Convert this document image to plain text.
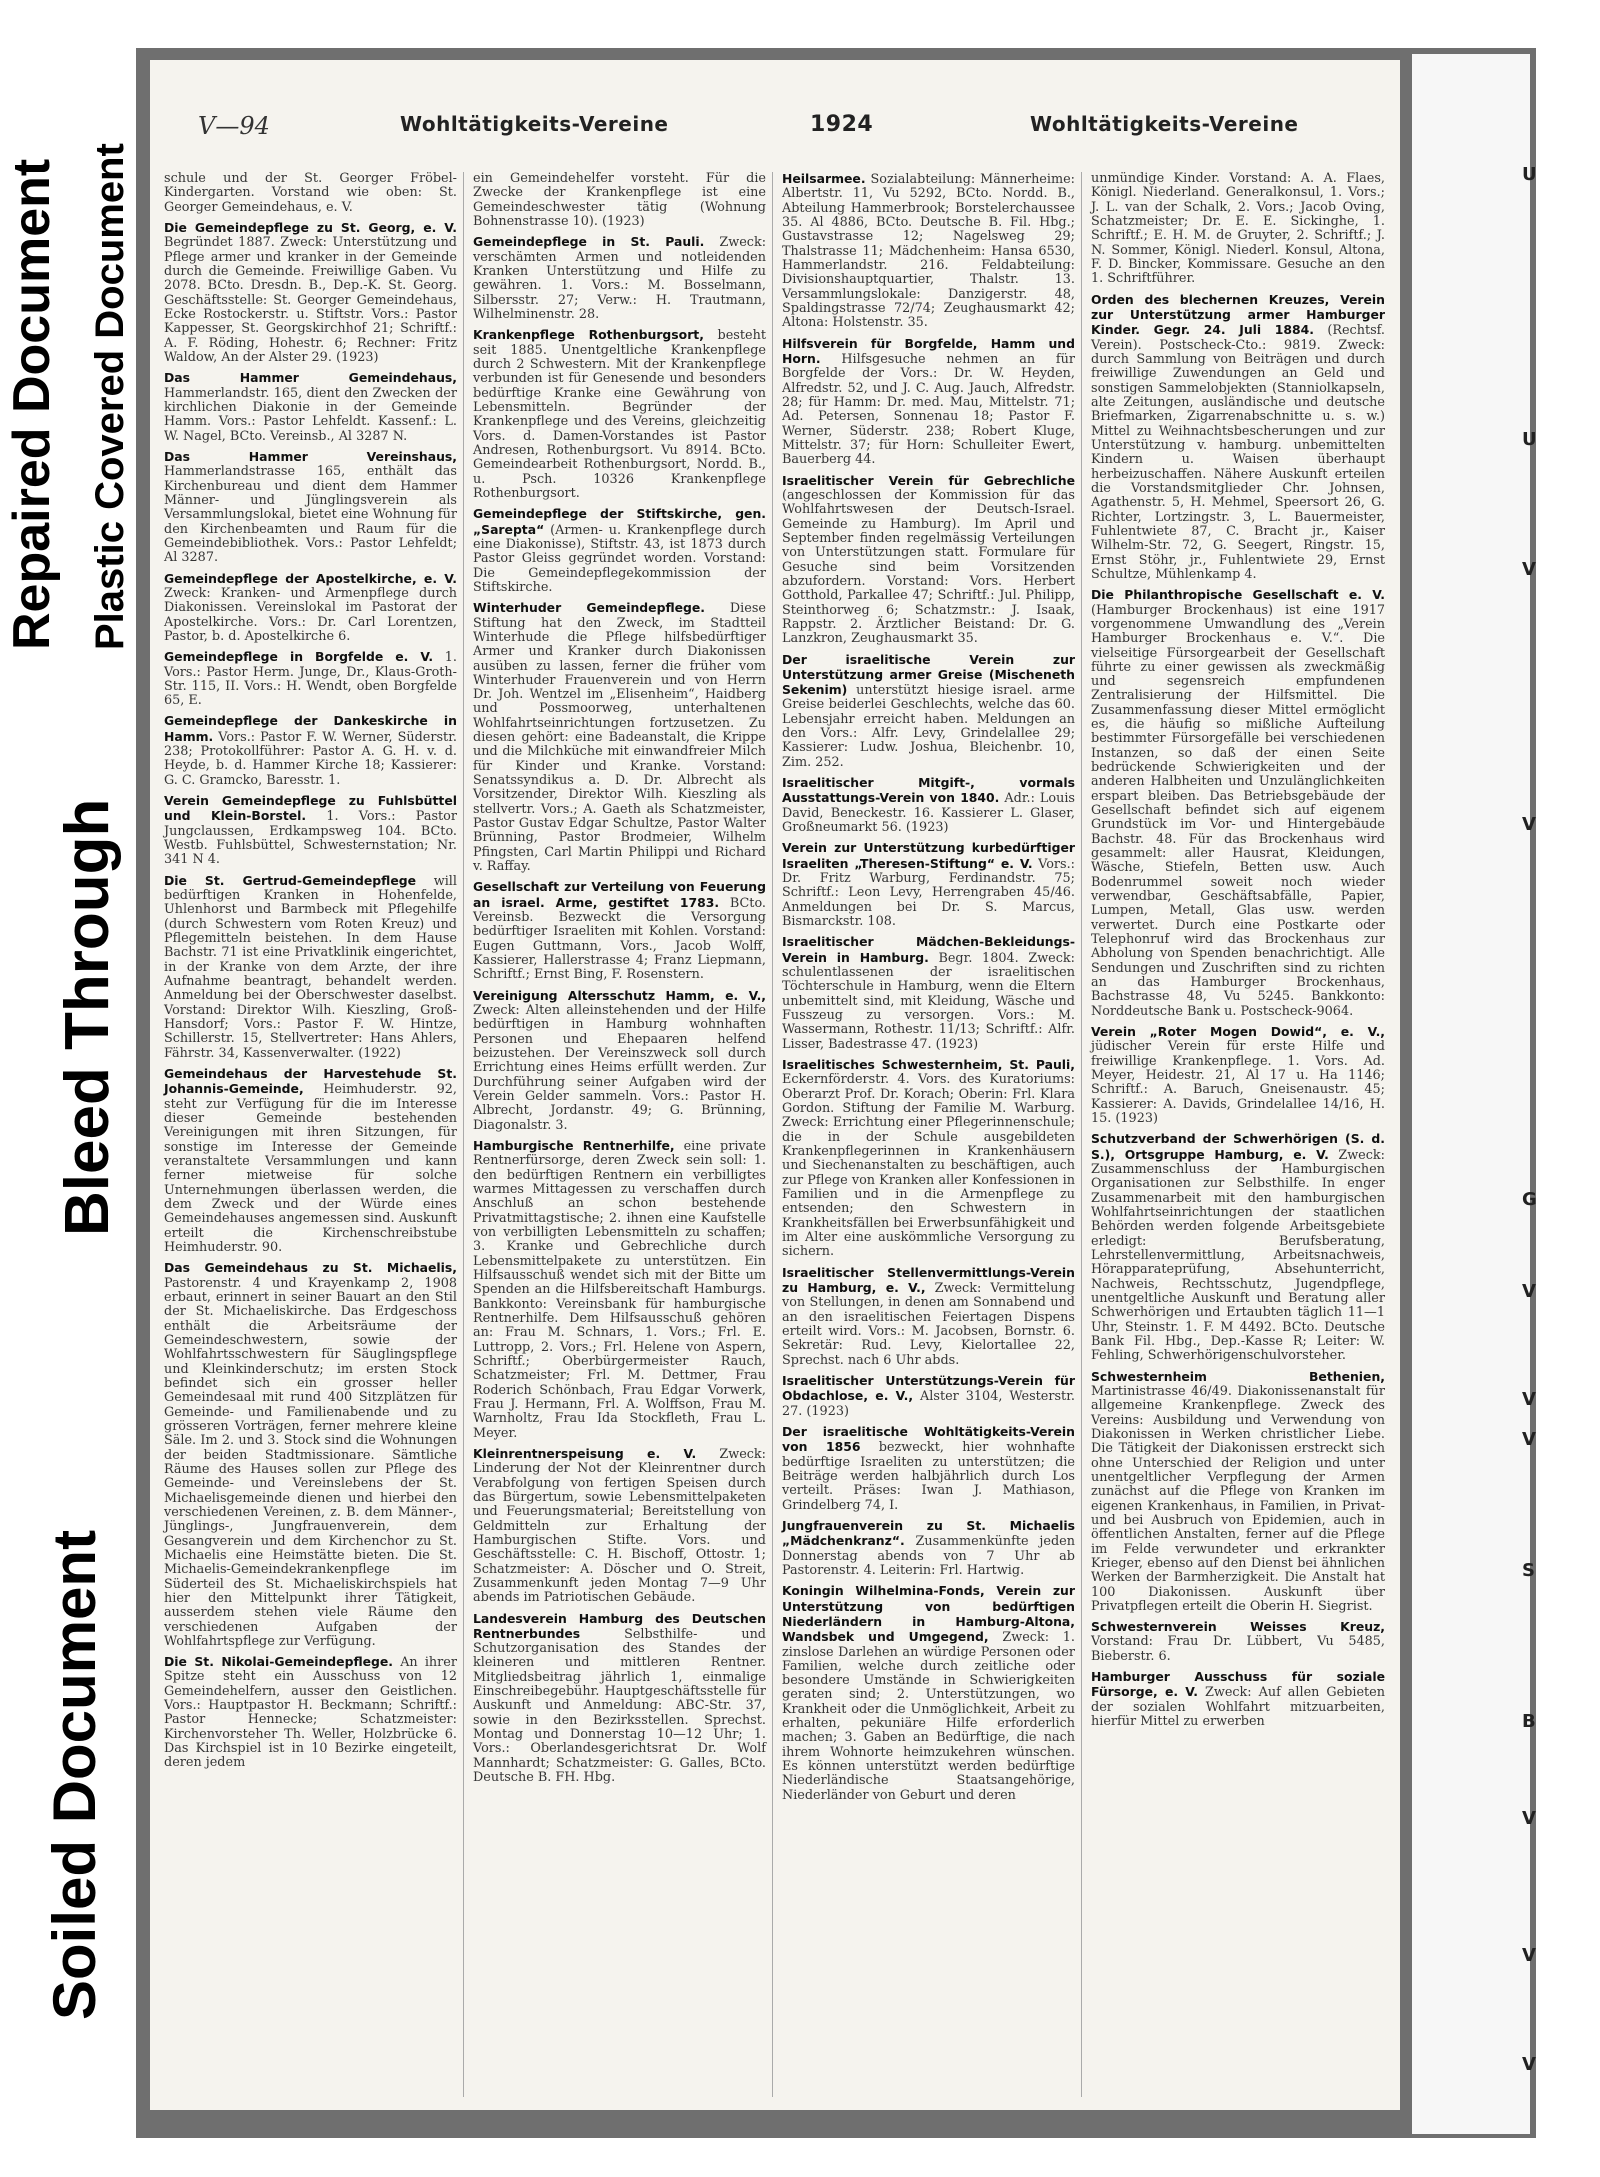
Repaired Document Plastic Covered Document
Bleed Through
Soiled Document
U
U
V
V
G
V
V
V
S
B
V
V
V
V—94	Wohltätigkeits-Vereine	1924	Wohltätigkeits-Vereine

schule und der St. Georger Fröbel-Kindergarten. Vorstand wie oben: St. Georger Gemeindehaus, e. V.

Die Gemeindepflege zu St. Georg, e. V. Begründet 1887. Zweck: Unterstützung und Pflege armer und kranker in der Gemeinde durch die Gemeinde. Freiwillige Gaben. Vu 2078. BCto. Dresdn. B., Dep.-K. St. Georg. Geschäftsstelle: St. Georger Gemeindehaus, Ecke Rostockerstr. u. Stiftstr. Vors.: Pastor Kappesser, St. Georgskirchhof 21; Schriftf.: A. F. Röding, Hohestr. 6; Rechner: Fritz Waldow, An der Alster 29. (1923)

Das Hammer Gemeindehaus, Hammerlandstr. 165, dient den Zwecken der kirchlichen Diakonie in der Gemeinde Hamm. Vors.: Pastor Lehfeldt. Kassenf.: L. W. Nagel, BCto. Vereinsb., Al 3287 N.

Das Hammer Vereinshaus, Hammerlandstrasse 165, enthält das Kirchenbureau und dient dem Hammer Männer- und Jünglingsverein als Versammlungslokal, bietet eine Wohnung für den Kirchenbeamten und Raum für die Gemeindebibliothek. Vors.: Pastor Lehfeldt; Al 3287.

Gemeindepflege der Apostelkirche, e. V. Zweck: Kranken- und Armenpflege durch Diakonissen. Vereinslokal im Pastorat der Apostelkirche. Vors.: Dr. Carl Lorentzen, Pastor, b. d. Apostelkirche 6.

Gemeindepflege in Borgfelde e. V. 1. Vors.: Pastor Herm. Junge, Dr., Klaus-Groth-Str. 115, II. Vors.: H. Wendt, oben Borgfelde 65, E.

Gemeindepflege der Dankeskirche in Hamm. Vors.: Pastor F. W. Werner, Süderstr. 238; Protokollführer: Pastor A. G. H. v. d. Heyde, b. d. Hammer Kirche 18; Kassierer: G. C. Gramcko, Baresstr. 1.

Verein Gemeindepflege zu Fuhlsbüttel und Klein-Borstel. 1. Vors.: Pastor Jungclaussen, Erdkampsweg 104. BCto. Westb. Fuhlsbüttel, Schwesternstation; Nr. 341 N 4.

Die St. Gertrud-Gemeindepflege will bedürftigen Kranken in Hohenfelde, Uhlenhorst und Barmbeck mit Pflegehilfe (durch Schwestern vom Roten Kreuz) und Pflegemitteln beistehen. In dem Hause Bachstr. 71 ist eine Privatklinik eingerichtet, in der Kranke von dem Arzte, der ihre Aufnahme beantragt, behandelt werden. Anmeldung bei der Oberschwester daselbst. Vorstand: Direktor Wilh. Kieszling, Groß-Hansdorf; Vors.: Pastor F. W. Hintze, Schillerstr. 15, Stellvertreter: Hans Ahlers, Fährstr. 34, Kassenverwalter. (1922)

Gemeindehaus der Harvestehude St. Johannis-Gemeinde, Heimhuderstr. 92, steht zur Verfügung für die im Interesse dieser Gemeinde bestehenden Vereinigungen mit ihren Sitzungen, für sonstige im Interesse der Gemeinde veranstaltete Versammlungen und kann ferner mietweise für solche Unternehmungen überlassen werden, die dem Zweck und der Würde eines Gemeindehauses angemessen sind. Auskunft erteilt die Kirchenschreibstube Heimhuderstr. 90.

Das Gemeindehaus zu St. Michaelis, Pastorenstr. 4 und Krayenkamp 2, 1908 erbaut, erinnert in seiner Bauart an den Stil der St. Michaeliskirche. Das Erdgeschoss enthält die Arbeitsräume der Gemeindeschwestern, sowie der Wohlfahrtsschwestern für Säuglingspflege und Kleinkinderschutz; im ersten Stock befindet sich ein grosser heller Gemeindesaal mit rund 400 Sitzplätzen für Gemeinde- und Familienabende und zu grösseren Vorträgen, ferner mehrere kleine Säle. Im 2. und 3. Stock sind die Wohnungen der beiden Stadtmissionare. Sämtliche Räume des Hauses sollen zur Pflege des Gemeinde- und Vereinslebens der St. Michaelisgemeinde dienen und hierbei den verschiedenen Vereinen, z. B. dem Männer-, Jünglings-, Jungfrauenverein, dem Gesangverein und dem Kirchenchor zu St. Michaelis eine Heimstätte bieten. Die St. Michaelis-Gemeindekrankenpflege im Süderteil des St. Michaeliskirchspiels hat hier den Mittelpunkt ihrer Tätigkeit, ausserdem stehen viele Räume den verschiedenen Aufgaben der Wohlfahrtspflege zur Verfügung.

Die St. Nikolai-Gemeindepflege. An ihrer Spitze steht ein Ausschuss von 12 Gemeindehelfern, ausser den Geistlichen. Vors.: Hauptpastor H. Beckmann; Schriftf.: Pastor Hennecke; Schatzmeister: Kirchenvorsteher Th. Weller, Holzbrücke 6. Das Kirchspiel ist in 10 Bezirke eingeteilt, deren jedem

ein Gemeindehelfer vorsteht. Für die Zwecke der Krankenpflege ist eine Gemeindeschwester tätig (Wohnung Bohnenstrasse 10). (1923)

Gemeindepflege in St. Pauli. Zweck: verschämten Armen und notleidenden Kranken Unterstützung und Hilfe zu gewähren. 1. Vors.: M. Bosselmann, Silbersstr. 27; Verw.: H. Trautmann, Wilhelminenstr. 28.

Krankenpflege Rothenburgsort, besteht seit 1885. Unentgeltliche Krankenpflege durch 2 Schwestern. Mit der Krankenpflege verbunden ist für Genesende und besonders bedürftige Kranke eine Gewährung von Lebensmitteln. Begründer der Krankenpflege und des Vereins, gleichzeitig Vors. d. Damen-Vorstandes ist Pastor Andresen, Rothenburgsort. Vu 8914. BCto. Gemeindearbeit Rothenburgsort, Nordd. B., u. Psch. 10326 Krankenpflege Rothenburgsort.

Gemeindepflege der Stiftskirche, gen. „Sarepta“ (Armen- u. Krankenpflege durch eine Diakonisse), Stiftstr. 43, ist 1873 durch Pastor Gleiss gegründet worden. Vorstand: Die Gemeindepflegekommission der Stiftskirche.

Winterhuder Gemeindepflege. Diese Stiftung hat den Zweck, im Stadtteil Winterhude die Pflege hilfsbedürftiger Armer und Kranker durch Diakonissen ausüben zu lassen, ferner die früher vom Winterhuder Frauenverein und von Herrn Dr. Joh. Wentzel im „Elisenheim“, Haidberg und Possmoorweg, unterhaltenen Wohlfahrtseinrichtungen fortzusetzen. Zu diesen gehört: eine Badeanstalt, die Krippe und die Milchküche mit einwandfreier Milch für Kinder und Kranke. Vorstand: Senatssyndikus a. D. Dr. Albrecht als Vorsitzender, Direktor Wilh. Kieszling als stellvertr. Vors.; A. Gaeth als Schatzmeister, Pastor Gustav Edgar Schultze, Pastor Walter Brünning, Pastor Brodmeier, Wilhelm Pfingsten, Carl Martin Philippi und Richard v. Raffay.

Gesellschaft zur Verteilung von Feuerung an israel. Arme, gestiftet 1783. BCto. Vereinsb. Bezweckt die Versorgung bedürftiger Israeliten mit Kohlen. Vorstand: Eugen Guttmann, Vors., Jacob Wolff, Kassierer, Hallerstrasse 4; Franz Liepmann, Schriftf.; Ernst Bing, F. Rosenstern.

Vereinigung Altersschutz Hamm, e. V., Zweck: Alten alleinstehenden und der Hilfe bedürftigen in Hamburg wohnhaften Personen und Ehepaaren helfend beizustehen. Der Vereinszweck soll durch Errichtung eines Heims erfüllt werden. Zur Durchführung seiner Aufgaben wird der Verein Gelder sammeln. Vors.: Pastor H. Albrecht, Jordanstr. 49; G. Brünning, Diagonalstr. 3.

Hamburgische Rentnerhilfe, eine private Rentnerfürsorge, deren Zweck sein soll: 1. den bedürftigen Rentnern ein verbilligtes warmes Mittagessen zu verschaffen durch Anschluß an schon bestehende Privatmittagstische; 2. ihnen eine Kaufstelle von verbilligten Lebensmitteln zu schaffen; 3. Kranke und Gebrechliche durch Lebensmittelpakete zu unterstützen. Ein Hilfsausschuß wendet sich mit der Bitte um Spenden an die Hilfsbereitschaft Hamburgs. Bankkonto: Vereinsbank für hamburgische Rentnerhilfe. Dem Hilfsausschuß gehören an: Frau M. Schnars, 1. Vors.; Frl. E. Luttropp, 2. Vors.; Frl. Helene von Aspern, Schriftf.; Oberbürgermeister Rauch, Schatzmeister; Frl. M. Dettmer, Frau Roderich Schönbach, Frau Edgar Vorwerk, Frau J. Hermann, Frl. A. Wolffson, Frau M. Warnholtz, Frau Ida Stockfleth, Frau L. Meyer.

Kleinrentnerspeisung e. V. Zweck: Linderung der Not der Kleinrentner durch Verabfolgung von fertigen Speisen durch das Bürgertum, sowie Lebensmittelpaketen und Feuerungsmaterial; Bereitstellung von Geldmitteln zur Erhaltung der Hamburgischen Stifte. Vors. und Geschäftsstelle: C. H. Bischoff, Ottostr. 1; Schatzmeister: A. Döscher und O. Streit, Zusammenkunft jeden Montag 7—9 Uhr abends im Patriotischen Gebäude.

Landesverein Hamburg des Deutschen Rentnerbundes	Selbsthilfe- und Schutzorganisation des Standes der kleineren und mittleren Rentner. Mitgliedsbeitrag jährlich 1, einmalige Einschreibegebühr. Hauptgeschäftsstelle für Auskunft und Anmeldung: ABC-Str. 37, sowie in den Bezirksstellen. Sprechst. Montag und Donnerstag 10—12 Uhr; 1. Vors.: Oberlandesgerichtsrat Dr. Wolf Mannhardt; Schatzmeister: G. Galles, BCto. Deutsche B. FH. Hbg.

Heilsarmee. Sozialabteilung: Männerheime: Albertstr. 11, Vu 5292, BCto. Nordd. B., Abteilung Hammerbrook; Borstelerchaussee 35. Al 4886, BCto. Deutsche B. Fil. Hbg.; Gustavstrasse 12; Nagelsweg 29; Thalstrasse 11; Mädchenheim: Hansa 6530, Hammerlandstr. 216. Feldabteilung: Divisionshauptquartier, Thalstr. 13. Versammlungslokale: Danzigerstr. 48, Spaldingstrasse 72/74; Zeughausmarkt 42; Altona: Holstenstr. 35.

Hilfsverein für Borgfelde, Hamm und Horn. Hilfsgesuche nehmen an für Borgfelde der Vors.: Dr. W. Heyden, Alfredstr. 52, und J. C. Aug. Jauch, Alfredstr. 28; für Hamm: Dr. med. Mau, Mittelstr. 71; Ad. Petersen, Sonnenau 18; Pastor F. Werner, Süderstr. 238; Robert Kluge, Mittelstr. 37; für Horn: Schulleiter Ewert, Bauerberg 44.

Israelitischer Verein für Gebrechliche (angeschlossen der Kommission für das Wohlfahrtswesen der Deutsch-Israel. Gemeinde zu Hamburg). Im April und September finden regelmässig Verteilungen von Unterstützungen statt. Formulare für Gesuche sind beim Vorsitzenden abzufordern. Vorstand: Vors. Herbert Gotthold, Parkallee 47; Schriftf.: Jul. Philipp, Steinthorweg 6; Schatzmstr.: J. Isaak, Rappstr. 2. Ärztlicher Beistand: Dr. G. Lanzkron, Zeughausmarkt 35.

Der israelitische Verein zur Unterstützung armer Greise (Mischeneth Sekenim) unterstützt hiesige israel. arme Greise beiderlei Geschlechts, welche das 60. Lebensjahr erreicht haben. Meldungen an den Vors.: Alfr. Levy, Grindelallee 29; Kassierer: Ludw. Joshua, Bleichenbr. 10, Zim. 252.

Israelitischer Mitgift-, vormals Ausstattungs-Verein von 1840. Adr.: Louis David, Beneckestr. 16. Kassierer L. Glaser, Großneumarkt 56. (1923)

Verein zur Unterstützung kurbedürftiger Israeliten „Theresen-Stiftung“ e. V. Vors.: Dr. Fritz Warburg, Ferdinandstr. 75; Schriftf.: Leon Levy, Herrengraben 45/46. Anmeldungen bei Dr. S. Marcus, Bismarckstr. 108.

Israelitischer Mädchen-Bekleidungs-Verein in Hamburg. Begr. 1804. Zweck: schulentlassenen der israelitischen Töchterschule in Hamburg, wenn die Eltern unbemittelt sind, mit Kleidung, Wäsche und Fusszeug zu versorgen. Vors.: M. Wassermann, Rothestr. 11/13; Schriftf.: Alfr. Lisser, Badestrasse 47. (1923)

Israelitisches Schwesternheim, St. Pauli, Eckernförderstr. 4. Vors. des Kuratoriums: Oberarzt Prof. Dr. Korach; Oberin: Frl. Klara Gordon. Stiftung der Familie M. Warburg. Zweck: Errichtung einer Pflegerinnenschule; die in der Schule ausgebildeten Krankenpflegerinnen in Krankenhäusern und Siechenanstalten zu beschäftigen, auch zur Pflege von Kranken aller Konfessionen in Familien und in die Armenpflege zu entsenden; den Schwestern in Krankheitsfällen bei Erwerbsunfähigkeit und im Alter eine auskömmliche Versorgung zu sichern.

Israelitischer Stellenvermittlungs-Verein zu Hamburg, e. V., Zweck: Vermittelung von Stellungen, in denen am Sonnabend und an den israelitischen Feiertagen Dispens erteilt wird. Vors.: M. Jacobsen, Bornstr. 6. Sekretär: Rud. Levy, Kielortallee 22, Sprechst. nach 6 Uhr abds.

Israelitischer Unterstützungs-Verein für Obdachlose, e. V., Alster 3104, Westerstr. 27. (1923)

Der israelitische Wohltätigkeits-Verein von 1856 bezweckt, hier wohnhafte bedürftige Israeliten zu unterstützen; die Beiträge werden halbjährlich durch Los verteilt. Präses: Iwan J. Mathiason, Grindelberg 74, I.

Jungfrauenverein zu St. Michaelis „Mädchenkranz“. Zusammenkünfte jeden Donnerstag abends von 7 Uhr ab Pastorenstr. 4. Leiterin: Frl. Hartwig.

Koningin Wilhelmina-Fonds, Verein zur Unterstützung von bedürftigen Niederländern in Hamburg-Altona, Wandsbek und Umgegend, Zweck: 1. zinslose Darlehen an würdige Personen oder Familien, welche durch zeitliche oder besondere Umstände in Schwierigkeiten geraten sind; 2. Unterstützungen, wo Krankheit oder die Unmöglichkeit, Arbeit zu erhalten, pekuniäre Hilfe erforderlich machen; 3. Gaben an Bedürftige, die nach ihrem Wohnorte heimzukehren wünschen. Es können unterstützt werden bedürftige Niederländische Staatsangehörige, Niederländer von Geburt und deren

unmündige Kinder. Vorstand: A. A. Flaes, Königl. Niederland. Generalkonsul, 1. Vors.; J. L. van der Schalk, 2. Vors.; Jacob Oving, Schatzmeister; Dr. E. E. Sickinghe, 1. Schriftf.; E. H. M. de Gruyter, 2. Schriftf.; J. N. Sommer, Königl. Niederl. Konsul, Altona, F. D. Bincker, Kommissare. Gesuche an den 1. Schriftführer.

Orden des blechernen Kreuzes, Verein zur Unterstützung armer Hamburger Kinder. Gegr. 24. Juli 1884. (Rechtsf. Verein). Postscheck-Cto.: 9819. Zweck: durch Sammlung von Beiträgen und durch freiwillige Zuwendungen an Geld und sonstigen Sammelobjekten (Stanniolkapseln, alte Zeitungen, ausländische und deutsche Briefmarken, Zigarrenabschnitte u. s. w.) Mittel zu Weihnachtsbescherungen und zur Unterstützung v. hamburg. unbemittelten Kindern u. Waisen überhaupt herbeizuschaffen. Nähere Auskunft erteilen die Vorstandsmitglieder Chr. Johnsen, Agathenstr. 5, H. Mehmel, Speersort 26, G. Richter, Lortzingstr. 3, L. Bauermeister, Fuhlentwiete 87, C. Bracht jr., Kaiser Wilhelm-Str. 72, G. Seegert, Ringstr. 15, Ernst Stöhr, jr., Fuhlentwiete 29, Ernst Schultze, Mühlenkamp 4.

Die Philanthropische Gesellschaft e. V. (Hamburger Brockenhaus) ist eine 1917 vorgenommene Umwandlung des „Verein Hamburger Brockenhaus e. V.“. Die vielseitige Fürsorgearbeit der Gesellschaft führte zu einer gewissen als zweckmäßig und segensreich empfundenen Zentralisierung der Hilfsmittel. Die Zusammenfassung dieser Mittel ermöglicht es, die häufig so mißliche Aufteilung bestimmter Fürsorgefälle bei verschiedenen Instanzen, so daß der einen Seite bedrückende Schwierigkeiten und der anderen Halbheiten und Unzulänglichkeiten erspart bleiben. Das Betriebsgebäude der Gesellschaft befindet sich auf eigenem Grundstück im Vor- und Hintergebäude Bachstr. 48. Für das Brockenhaus wird gesammelt: aller Hausrat, Kleidungen, Wäsche, Stiefeln, Betten usw. Auch Bodenrummel soweit noch wieder verwendbar, Geschäftsabfälle, Papier, Lumpen, Metall, Glas usw. werden verwertet. Durch eine Postkarte oder Telephonruf wird das Brockenhaus zur Abholung von Spenden benachrichtigt. Alle Sendungen und Zuschriften sind zu richten an das Hamburger Brockenhaus, Bachstrasse 48, Vu 5245. Bankkonto: Norddeutsche Bank u. Postscheck-9064.

Verein „Roter Mogen Dowid“, e. V., jüdischer Verein für erste Hilfe und freiwillige Krankenpflege. 1. Vors. Ad. Meyer, Heidestr. 21, Al 17 u. Ha 1146; Schriftf.: A. Baruch, Gneisenaustr. 45; Kassierer: A. Davids, Grindelallee 14/16, H. 15. (1923)

Schutzverband der Schwerhörigen (S. d. S.), Ortsgruppe Hamburg, e. V. Zweck: Zusammenschluss der Hamburgischen Organisationen zur Selbsthilfe. In enger Zusammenarbeit mit den hamburgischen Wohlfahrtseinrichtungen der staatlichen Behörden werden folgende Arbeitsgebiete erledigt: Berufsberatung, Lehrstellenvermittlung, Arbeitsnachweis, Hörapparateprüfung, Absehunterricht, Nachweis, Rechtsschutz, Jugendpflege, unentgeltliche Auskunft und Beratung aller Schwerhörigen und Ertaubten täglich 11—1 Uhr, Steinstr. 1. F. M 4492. BCto. Deutsche Bank Fil. Hbg., Dep.-Kasse R; Leiter: W. Fehling, Schwerhörigenschulvorsteher.

Schwesternheim Bethenien, Martinistrasse 46/49. Diakonissenanstalt für allgemeine Krankenpflege. Zweck des Vereins: Ausbildung und Verwendung von Diakonissen in Werken christlicher Liebe. Die Tätigkeit der Diakonissen erstreckt sich ohne Unterschied der Religion und unter unentgeltlicher Verpflegung der Armen zunächst auf die Pflege von Kranken im eigenen Krankenhaus, in Familien, in Privat- und bei Ausbruch von Epidemien, auch in öffentlichen Anstalten, ferner auf die Pflege im Felde verwundeter und erkrankter Krieger, ebenso auf den Dienst bei ähnlichen Werken der Barmherzigkeit. Die Anstalt hat 100 Diakonissen. Auskunft über Privatpflegen erteilt die Oberin H. Siegrist.

Schwesternverein Weisses Kreuz, Vorstand: Frau Dr. Lübbert, Vu 5485, Bieberstr. 6.

Hamburger Ausschuss für soziale Fürsorge, e. V. Zweck: Auf allen Gebieten der sozialen Wohlfahrt mitzuarbeiten, hierfür Mittel zu erwerben
